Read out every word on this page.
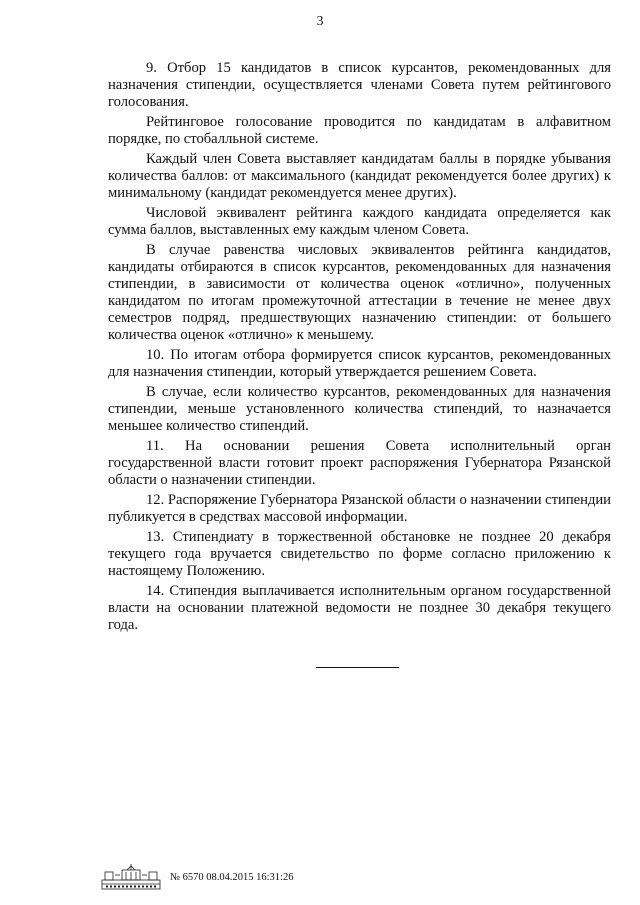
3

9. Отбор 15 кандидатов в список курсантов, рекомендованных для назначения стипендии, осуществляется членами Совета путем рейтингового голосования.

Рейтинговое голосование проводится по кандидатам в алфавитном порядке, по стобалльной системе.

Каждый член Совета выставляет кандидатам баллы в порядке убывания количества баллов: от максимального (кандидат рекомендуется более других) к минимальному (кандидат рекомендуется менее других).

Числовой эквивалент рейтинга каждого кандидата определяется как сумма баллов, выставленных ему каждым членом Совета.

В случае равенства числовых эквивалентов рейтинга кандидатов, кандидаты отбираются в список курсантов, рекомендованных для назначения стипендии, в зависимости от количества оценок «отлично», полученных кандидатом по итогам промежуточной аттестации в течение не менее двух семестров подряд, предшествующих назначению стипендии: от большего количества оценок «отлично» к меньшему.

10. По итогам отбора формируется список курсантов, рекомендованных для назначения стипендии, который утверждается решением Совета.

В случае, если количество курсантов, рекомендованных для назначения стипендии, меньше установленного количества стипендий, то назначается меньшее количество стипендий.

11. На основании решения Совета исполнительный орган государственной власти готовит проект распоряжения Губернатора Рязанской области о назначении стипендии.

12. Распоряжение Губернатора Рязанской области о назначении стипендии публикуется в средствах массовой информации.

13. Стипендиату в торжественной обстановке не позднее 20 декабря текущего года вручается свидетельство по форме согласно приложению к настоящему Положению.

14. Стипендия выплачивается исполнительным органом государственной власти на основании платежной ведомости не позднее 30 декабря текущего года.

№ 6570 08.04.2015 16:31:26
